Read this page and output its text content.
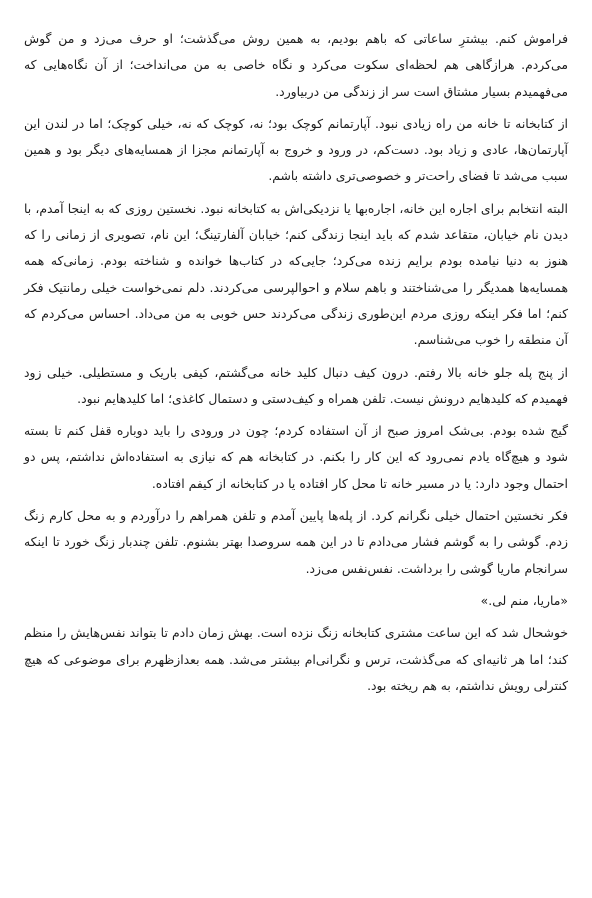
فراموش کنم. بیشترِ ساعاتی که باهم بودیم، به همین روش می‌گذشت؛ او حرف می‌زد و من گوش می‌کردم. هرازگاهی هم لحظه‌ای سکوت می‌کرد و نگاه خاصی به من می‌انداخت؛ از آن نگاه‌هایی که می‌فهمیدم بسیار مشتاق است سر از زندگی من دربیاورد.

از کتابخانه تا خانه من راه زیادی نبود. آپارتمانم کوچک بود؛ نه، کوچک که نه، خیلی کوچک؛ اما در لندن این آپارتمان‌ها، عادی و زیاد بود. دست‌کم، در ورود و خروج به آپارتمانم مجزا از همسایه‌های دیگر بود و همین سبب می‌شد تا فضای راحت‌تر و خصوصی‌تری داشته باشم.

البته انتخابم برای اجاره این خانه، اجاره‌بها یا نزدیکی‌اش به کتابخانه نبود. نخستین روزی که به اینجا آمدم، با دیدن نام خیابان، متقاعد شدم که باید اینجا زندگی کنم؛ خیابان آلفارتینگ؛ این نام، تصویری از زمانی را که هنوز به دنیا نیامده بودم برایم زنده می‌کرد؛ جایی‌که در کتاب‌ها خوانده و شناخته بودم. زمانی‌که همه همسایه‌ها همدیگر را می‌شناختند و باهم سلام و احوالپرسی می‌کردند. دلم نمی‌خواست خیلی رمانتیک فکر کنم؛ اما فکر اینکه روزی مردم این‌طوری زندگی می‌کردند حس خوبی به من می‌داد. احساس می‌کردم که آن منطقه را خوب می‌شناسم.

از پنج پله جلو خانه بالا رفتم. درون کیف دنبال کلید خانه می‌گشتم، کیفی باریک و مستطیلی. خیلی زود فهمیدم که کلیدهایم درونش نیست. تلفن همراه و کیف‌دستی و دستمال کاغذی؛ اما کلیدهایم نبود.

گیج شده بودم. بی‌شک امروز صبح از آن استفاده کردم؛ چون در ورودی را باید دوباره قفل کنم تا بسته شود و هیچ‌گاه یادم نمی‌رود که این کار را بکنم. در کتابخانه هم که نیازی به استفاده‌اش نداشتم، پس دو احتمال وجود دارد: یا در مسیر خانه تا محل کار افتاده یا در کتابخانه از کیفم افتاده.

فکر نخستین احتمال خیلی نگرانم کرد. از پله‌ها پایین آمدم و تلفن همراهم را درآوردم و به محل کارم زنگ زدم. گوشی را به گوشم فشار می‌دادم تا در این همه سروصدا بهتر بشنوم. تلفن چندبار زنگ خورد تا اینکه سرانجام ماریا گوشی را برداشت. نفس‌نفس می‌زد.

«ماریا، منم لی.»

خوشحال شد که این ساعت مشتری کتابخانه زنگ نزده است. بهش زمان دادم تا بتواند نفس‌هایش را منظم کند؛ اما هر ثانیه‌ای که می‌گذشت، ترس و نگرانی‌ام بیشتر می‌شد. همه بعدازظهرم برای موضوعی که هیچ کنترلی رویش نداشتم، به هم ریخته بود.
